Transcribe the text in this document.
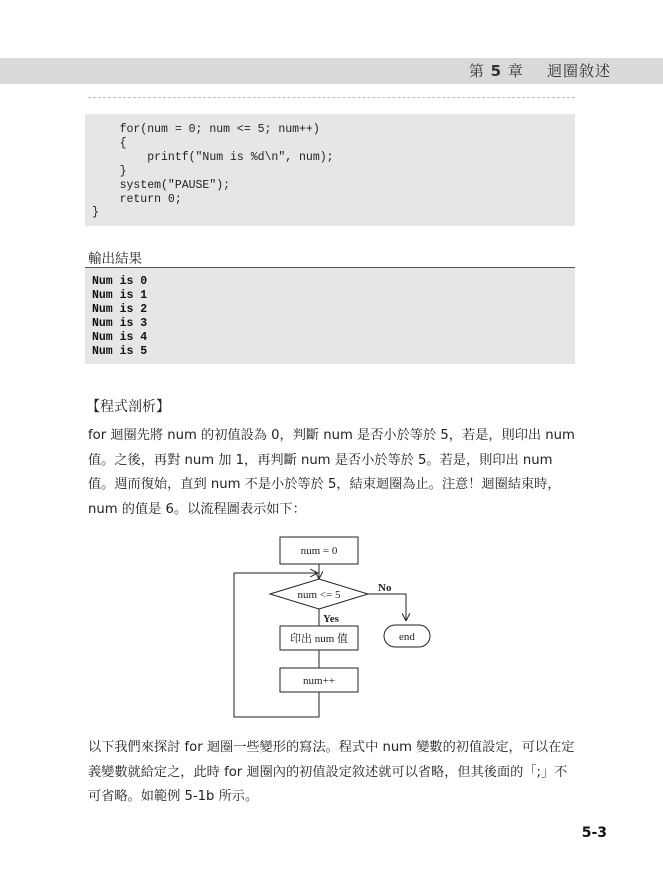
第 5 章 迴圈敘述
for(num = 0; num <= 5; num++)
{
printf("Num is %d\n", num);
}
system("PAUSE");
return 0;
}
輸出結果
Num is 0
Num is 1
Num is 2
Num is 3
Num is 4
Num is 5
【程式剖析】

for 迴圈先將 num 的初值設為 0，判斷 num 是否小於等於 5，若是，則印出 num 值。之後，再對 num 加 1，再判斷 num 是否小於等於 5。若是，則印出 num 值。週而復始，直到 num 不是小於等於 5，結束迴圈為止。注意！迴圈結束時，num 的值是 6。以流程圖表示如下：

num = 0
num <= 5
No
end
Yes
印出 num 值
num++

以下我們來探討 for 迴圈一些變形的寫法。程式中 num 變數的初值設定，可以在定義變數就給定之，此時 for 迴圈內的初值設定敘述就可以省略，但其後面的「;」不可省略。如範例 5-1b 所示。

5-3
